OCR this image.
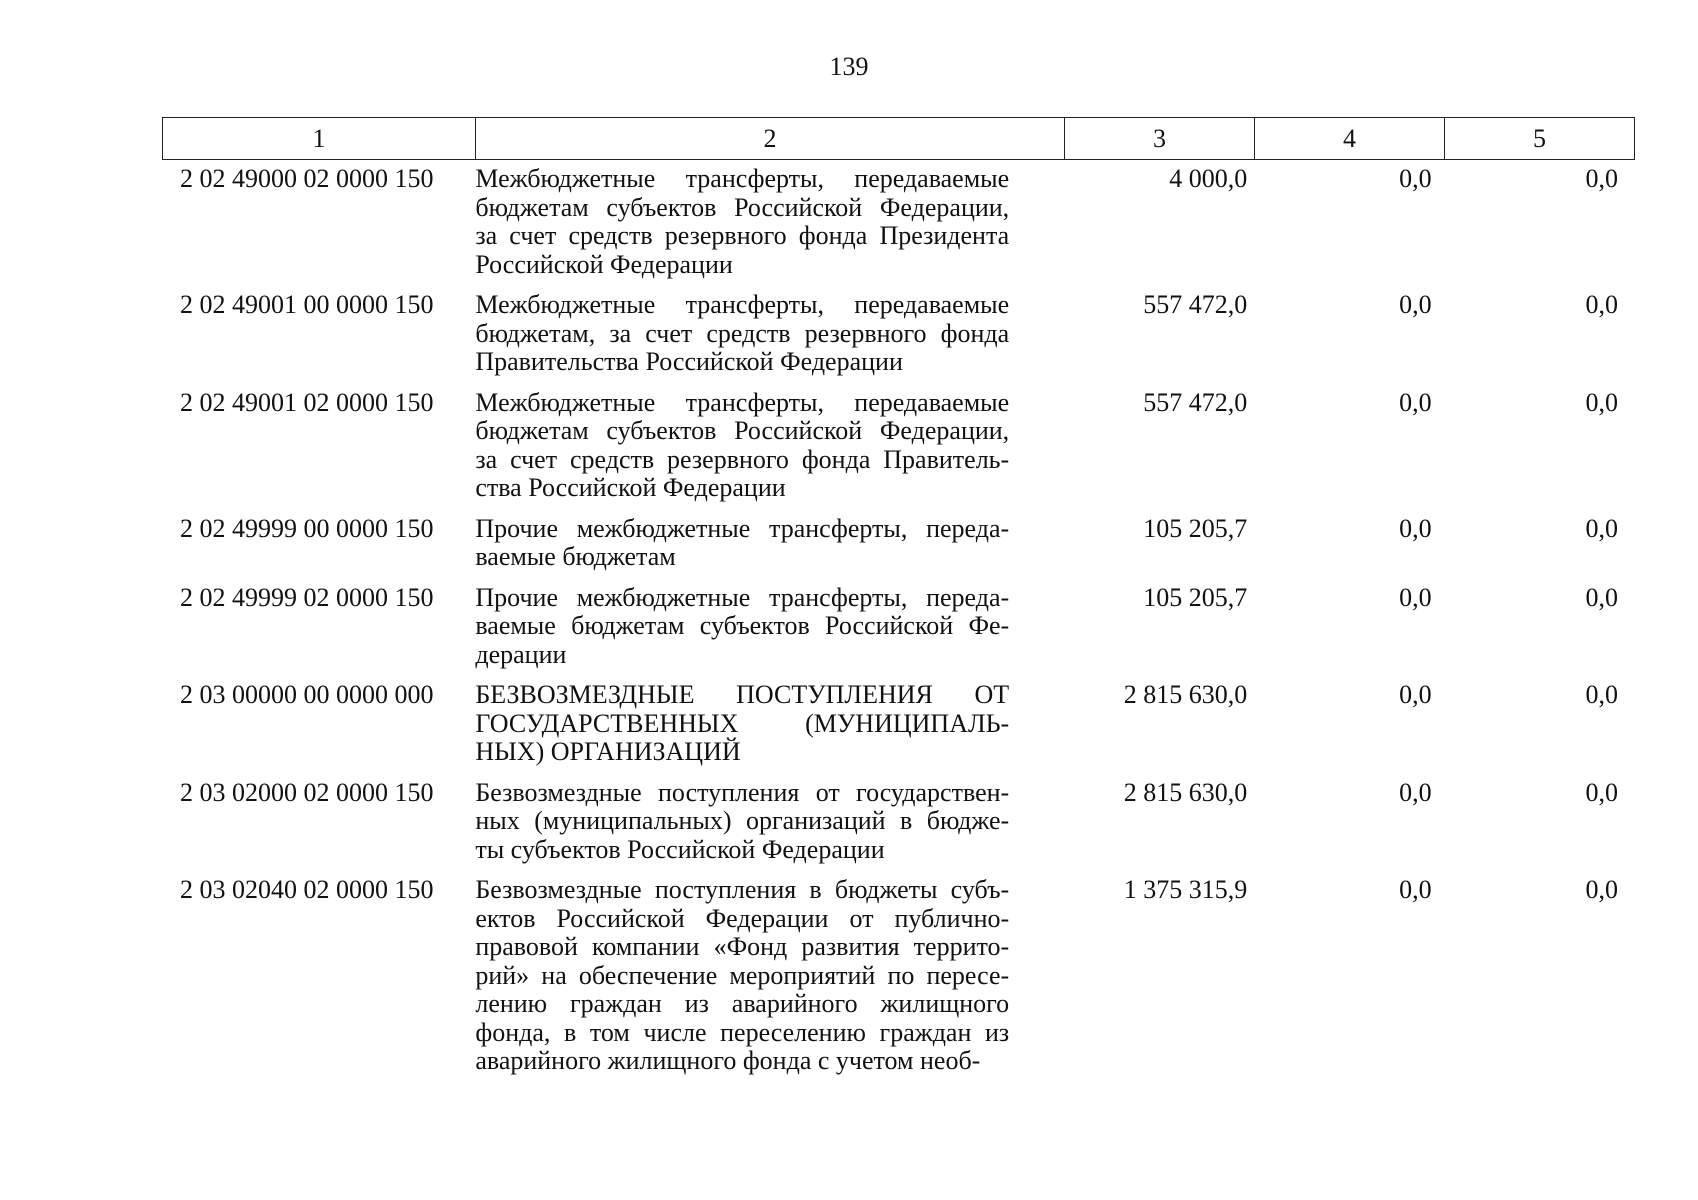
139
1	2	3	4	5
2 02 49000 02 0000 150	Межбюджетные трансферты, передаваемые
бюджетам субъектов Российской Федерации,
за счет средств резервного фонда Президента
Российской Федерации
4 000,0	0,0	0,0
2 02 49001 00 0000 150	Межбюджетные трансферты, передаваемые
бюджетам, за счет средств резервного фонда
Правительства Российской Федерации
557 472,0	0,0	0,0
2 02 49001 02 0000 150	Межбюджетные трансферты, передаваемые
бюджетам субъектов Российской Федерации,
за счет средств резервного фонда Правитель-
ства Российской Федерации
557 472,0	0,0	0,0
2 02 49999 00 0000 150	Прочие межбюджетные трансферты, переда-
ваемые бюджетам
105 205,7	0,0	0,0
2 02 49999 02 0000 150	Прочие межбюджетные трансферты, переда-
ваемые бюджетам субъектов Российской Фе-
дерации
105 205,7	0,0	0,0
2 03 00000 00 0000 000	БЕЗВОЗМЕЗДНЫЕ ПОСТУПЛЕНИЯ ОТ
ГОСУДАРСТВЕННЫХ (МУНИЦИПАЛЬ-
НЫХ) ОРГАНИЗАЦИЙ
2 815 630,0	0,0	0,0
2 03 02000 02 0000 150	Безвозмездные поступления от государствен-
ных (муниципальных) организаций в бюдже-
ты субъектов Российской Федерации
2 815 630,0	0,0	0,0
2 03 02040 02 0000 150	Безвозмездные поступления в бюджеты субъ-
ектов Российской Федерации от публично-
правовой компании «Фонд развития террито-
рий» на обеспечение мероприятий по пересе-
лению граждан из аварийного жилищного
фонда, в том числе переселению граждан из
аварийного жилищного фонда с учетом необ-
1 375 315,9	0,0	0,0
